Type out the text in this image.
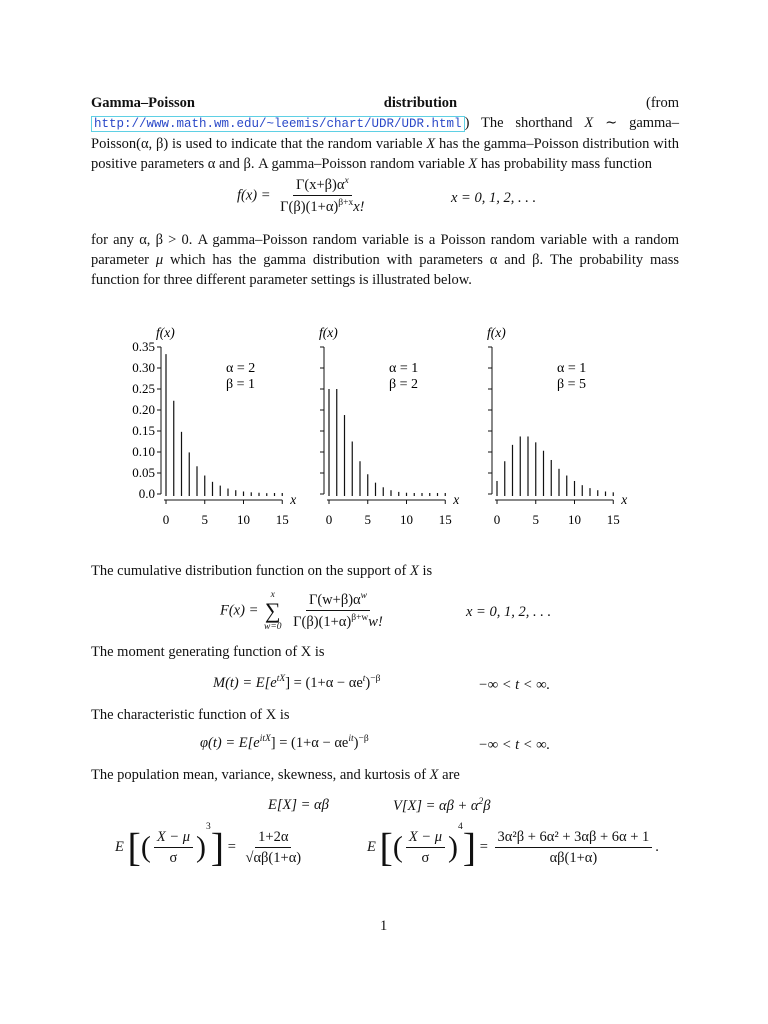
Gamma–Poisson distribution	(from http://www.math.wm.edu/~leemis/chart/UDR/UDR.html ) The shorthand X ∼ gamma–Poisson(α, β) is used to indicate that the random variable X has the gamma–Poisson distribution with positive parameters α and β. A gamma–Poisson random variable X has probability mass function
$f(x) = \frac{\Gamma(x+\beta)\alpha^x}{\Gamma(\beta)(1+\alpha)^{\beta+x}x!}$	x = 0, 1, 2, . . .
for any α, β > 0. A gamma–Poisson random variable is a Poisson random variable with a random parameter μ which has the gamma distribution with parameters α and β. The probability mass function for three different parameter settings is illustrated below.
0.0
0.05
0.10
0.15
0.20
0.25
0.30
0.35
0 5 10 15
f(x)
x
α = 2
β = 1
0 5 10 15
f(x)
x
α = 1
β = 2
0 5 10 15
f(x)
x
α = 1
β = 5
The cumulative distribution function on the support of X is
F(x) =
x
∑
w=0
$\frac{\Gamma(w+\beta)\alpha^w}{\Gamma(\beta)(1+\alpha)^{\beta+w}w!}$	x = 0, 1, 2, . . .
The moment generating function of X is
$M(t) = E[e^{tX}] = (1+\alpha - \alpha e^t)^{-\beta}$	−∞ < t < ∞.
The characteristic function of X is
$\varphi(t) = E[e^{itX}] = (1+\alpha - \alpha e^{it})^{-\beta}$	−∞ < t < ∞.
The population mean, variance, skewness, and kurtosis of X are
E[X] = αβ	$V[X] = \alpha\beta + \alpha^2\beta$
E [( $\frac{X - \mu}{\sigma} )^3] = \frac{1+2\alpha}{√\alpha\beta(1+\alpha)}$	E [( $\frac{X - \mu}{\sigma} )^4] = \frac{\text{3α²β + 6α² + 3αβ + 6α + 1}}{\alpha\beta(1+\alpha)}$ .
1
